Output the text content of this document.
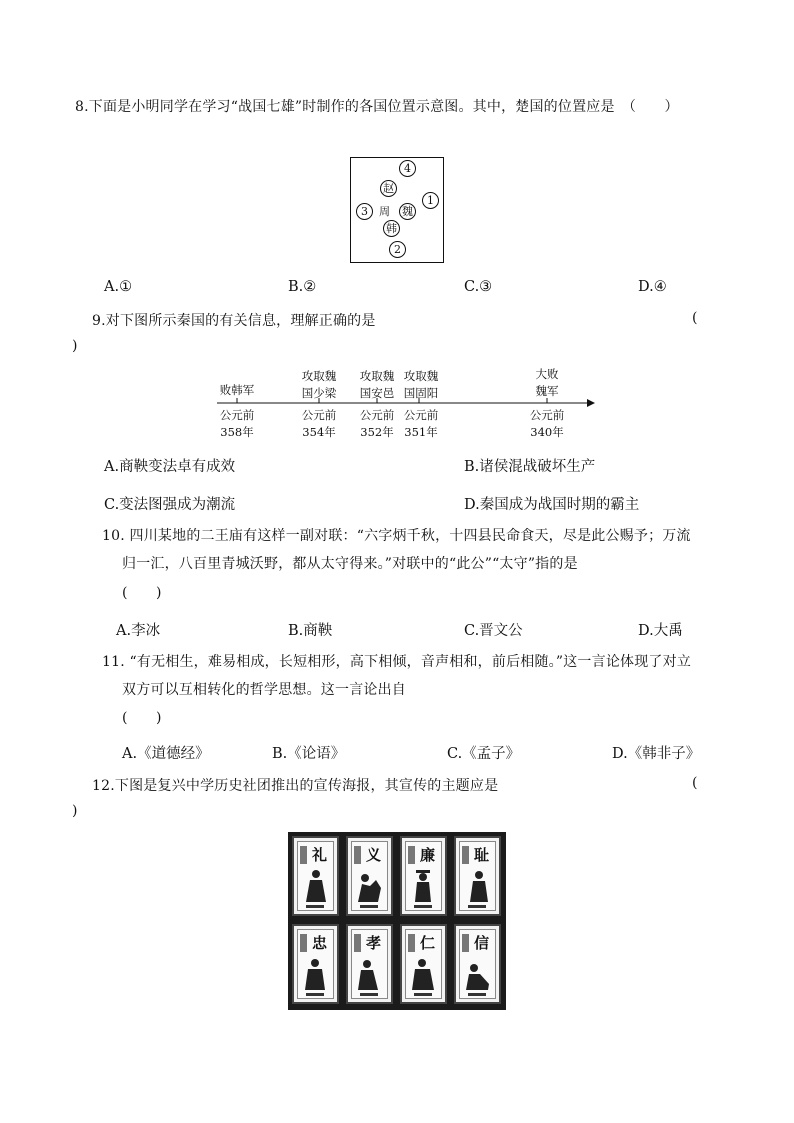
8.下面是小明同学在学习“战国七雄”时制作的各国位置示意图。其中，楚国的位置应是　（　　）
4
赵
1
3	周 魏
韩
2
A.①	B.②	C.③	D.④
9.对下图所示秦国的有关信息，理解正确的是	(
)
败韩军
公元前
358年
攻取魏
国少梁
公元前
354年
攻取魏
国安邑
公元前
352年
攻取魏
国固阳
公元前
351年
大败
魏军
公元前
340年
A.商鞅变法卓有成效	B.诸侯混战破坏生产
C.变法图强成为潮流	D.秦国成为战国时期的霸主
10. 四川某地的二王庙有这样一副对联：“六字炳千秋，十四县民命食天，尽是此公赐予；万流
归一汇，八百里青城沃野，都从太守得来。”对联中的“此公”“太守”指的是
(　　)
A.李冰	B.商鞅	C.晋文公	D.大禹
11. “有无相生，难易相成，长短相形，高下相倾，音声相和，前后相随。”这一言论体现了对立
双方可以互相转化的哲学思想。这一言论出自
(　　)
A.《道德经》	B.《论语》	C.《孟子》	D.《韩非子》
12.下图是复兴中学历史社团推出的宣传海报，其宣传的主题应是	(
)
礼	义	廉	耻
忠	孝	仁	信
